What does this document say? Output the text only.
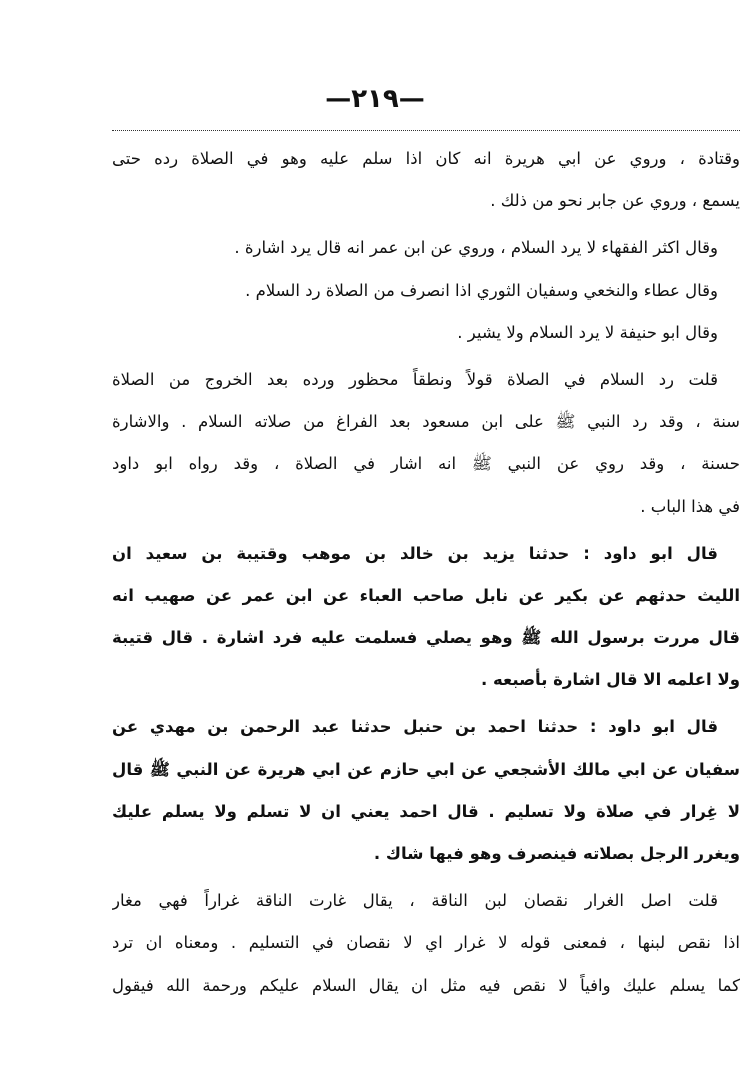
—٢١٩—
وقتادة ، وروي عن ابي هريرة انه كان اذا سلم عليه وهو في الصلاة رده حتى
يسمع ، وروي عن جابر نحو من ذلك .
وقال اكثر الفقهاء لا يرد السلام ، وروي عن ابن عمر انه قال يرد اشارة .
وقال عطاء والنخعي وسفيان الثوري اذا انصرف من الصلاة رد السلام .
وقال ابو حنيفة لا يرد السلام ولا يشير .
قلت رد السلام في الصلاة قولاً ونطقاً محظور ورده بعد الخروج من الصلاة
سنة ، وقد رد النبي ﷺ على ابن مسعود بعد الفراغ من صلاته السلام . والاشارة
حسنة ، وقد روي عن النبي ﷺ انه اشار في الصلاة ، وقد رواه ابو داود
في هذا الباب .
قال ابو داود : حدثنا يزيد بن خالد بن موهب وقتيبة بن سعيد ان
الليث حدثهم عن بكير عن نابل صاحب العباء عن ابن عمر عن صهيب انه
قال مررت برسول الله ﷺ وهو يصلي فسلمت عليه فرد اشارة . قال قتيبة
ولا اعلمه الا قال اشارة بأصبعه .
قال ابو داود : حدثنا احمد بن حنبل حدثنا عبد الرحمن بن مهدي عن
سفيان عن ابي مالك الأشجعي عن ابي حازم عن ابي هريرة عن النبي ﷺ قال
لا غِرار في صلاة ولا تسليم . قال احمد يعني ان لا تسلم ولا يسلم عليك
ويغرر الرجل بصلاته فينصرف وهو فيها شاك .
قلت اصل الغرار نقصان لبن الناقة ، يقال غارت الناقة غراراً فهي مغار
اذا نقص لبنها ، فمعنى قوله لا غرار اي لا نقصان في التسليم . ومعناه ان ترد
كما يسلم عليك وافياً لا نقص فيه مثل ان يقال السلام عليكم ورحمة الله فيقول
